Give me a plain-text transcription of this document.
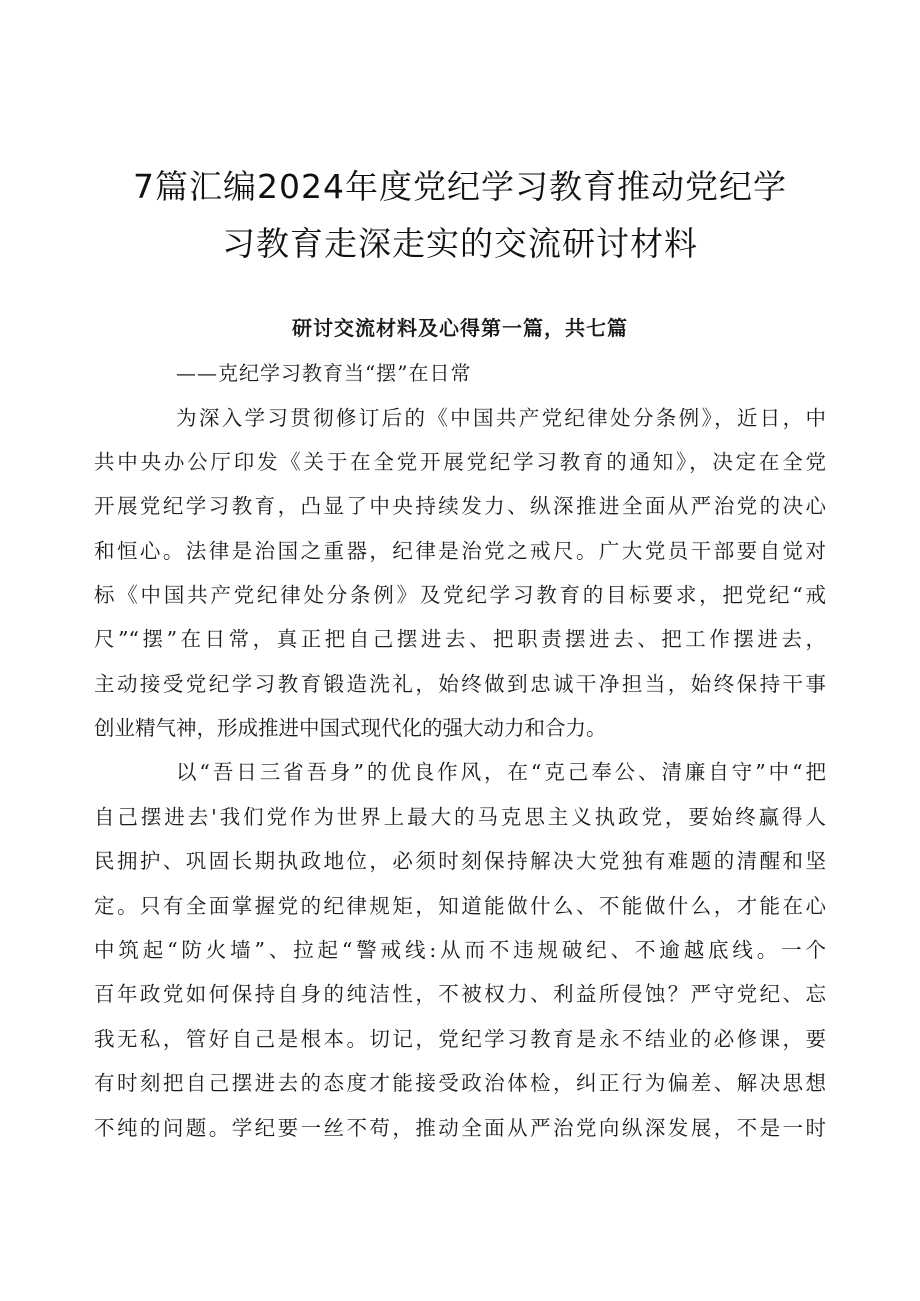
7篇汇编2024年度党纪学习教育推动党纪学
习教育走深走实的交流研讨材料

研讨交流材料及心得第一篇，共七篇

——克纪学习教育当“摆”在日常

为深入学习贯彻修订后的《中国共产党纪律处分条例》，近日，中

共中央办公厅印发《关于在全党开展党纪学习教育的通知》，决定在全党

开展党纪学习教育，凸显了中央持续发力、纵深推进全面从严治党的决心

和恒心。法律是治国之重器，纪律是治党之戒尺。广大党员干部要自觉对

标《中国共产党纪律处分条例》及党纪学习教育的目标要求，把党纪“戒

尺”“摆”在日常，真正把自己摆进去、把职责摆进去、把工作摆进去，

主动接受党纪学习教育锻造洗礼，始终做到忠诚干净担当，始终保持干事

创业精气神，形成推进中国式现代化的强大动力和合力。

以“吾日三省吾身”的优良作风，在“克己奉公、清廉自守”中“把

自己摆进去'我们党作为世界上最大的马克思主义执政党，要始终赢得人

民拥护、巩固长期执政地位，必须时刻保持解决大党独有难题的清醒和坚

定。只有全面掌握党的纪律规矩，知道能做什么、不能做什么，才能在心

中筑起“防火墙”、拉起“警戒线:从而不违规破纪、不逾越底线。一个

百年政党如何保持自身的纯洁性，不被权力、利益所侵蚀？严守党纪、忘

我无私，管好自己是根本。切记，党纪学习教育是永不结业的必修课，要

有时刻把自己摆进去的态度才能接受政治体检，纠正行为偏差、解决思想

不纯的问题。学纪要一丝不苟，推动全面从严治党向纵深发展，不是一时
